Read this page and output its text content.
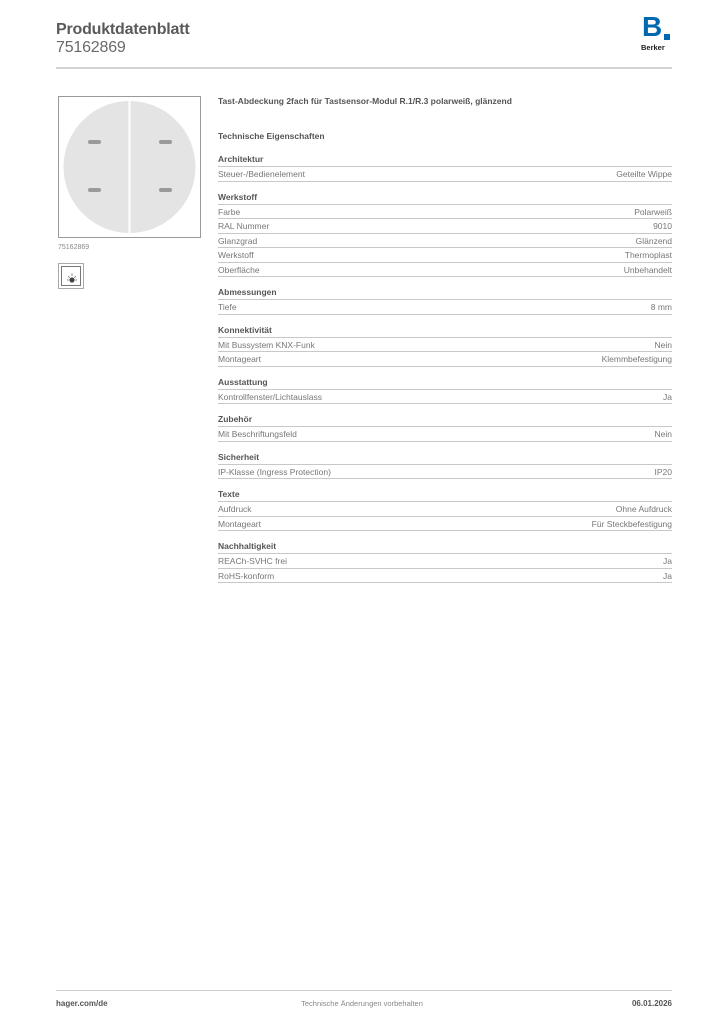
Produktdatenblatt
75162869
B
Berker
75162869
Tast-Abdeckung 2fach für Tastsensor-Modul R.1/R.3 polarweiß, glänzend
Technische Eigenschaften
Architektur
Steuer-/Bedienelement	Geteilte Wippe
Werkstoff
Farbe	Polarweiß
RAL Nummer	9010
Glanzgrad	Glänzend
Werkstoff	Thermoplast
Oberfläche	Unbehandelt
Abmessungen
Tiefe	8 mm
Konnektivität
Mit Bussystem KNX-Funk	Nein
Montageart	Klemmbefestigung
Ausstattung
Kontrollfenster/Lichtauslass	Ja
Zubehör
Mit Beschriftungsfeld	Nein
Sicherheit
IP-Klasse (Ingress Protection)	IP20
Texte
Aufdruck	Ohne Aufdruck
Montageart	Für Steckbefestigung
Nachhaltigkeit
REACh-SVHC frei	Ja
RoHS-konform	Ja
hager.com/de	Technische Änderungen vorbehalten	06.01.2026
